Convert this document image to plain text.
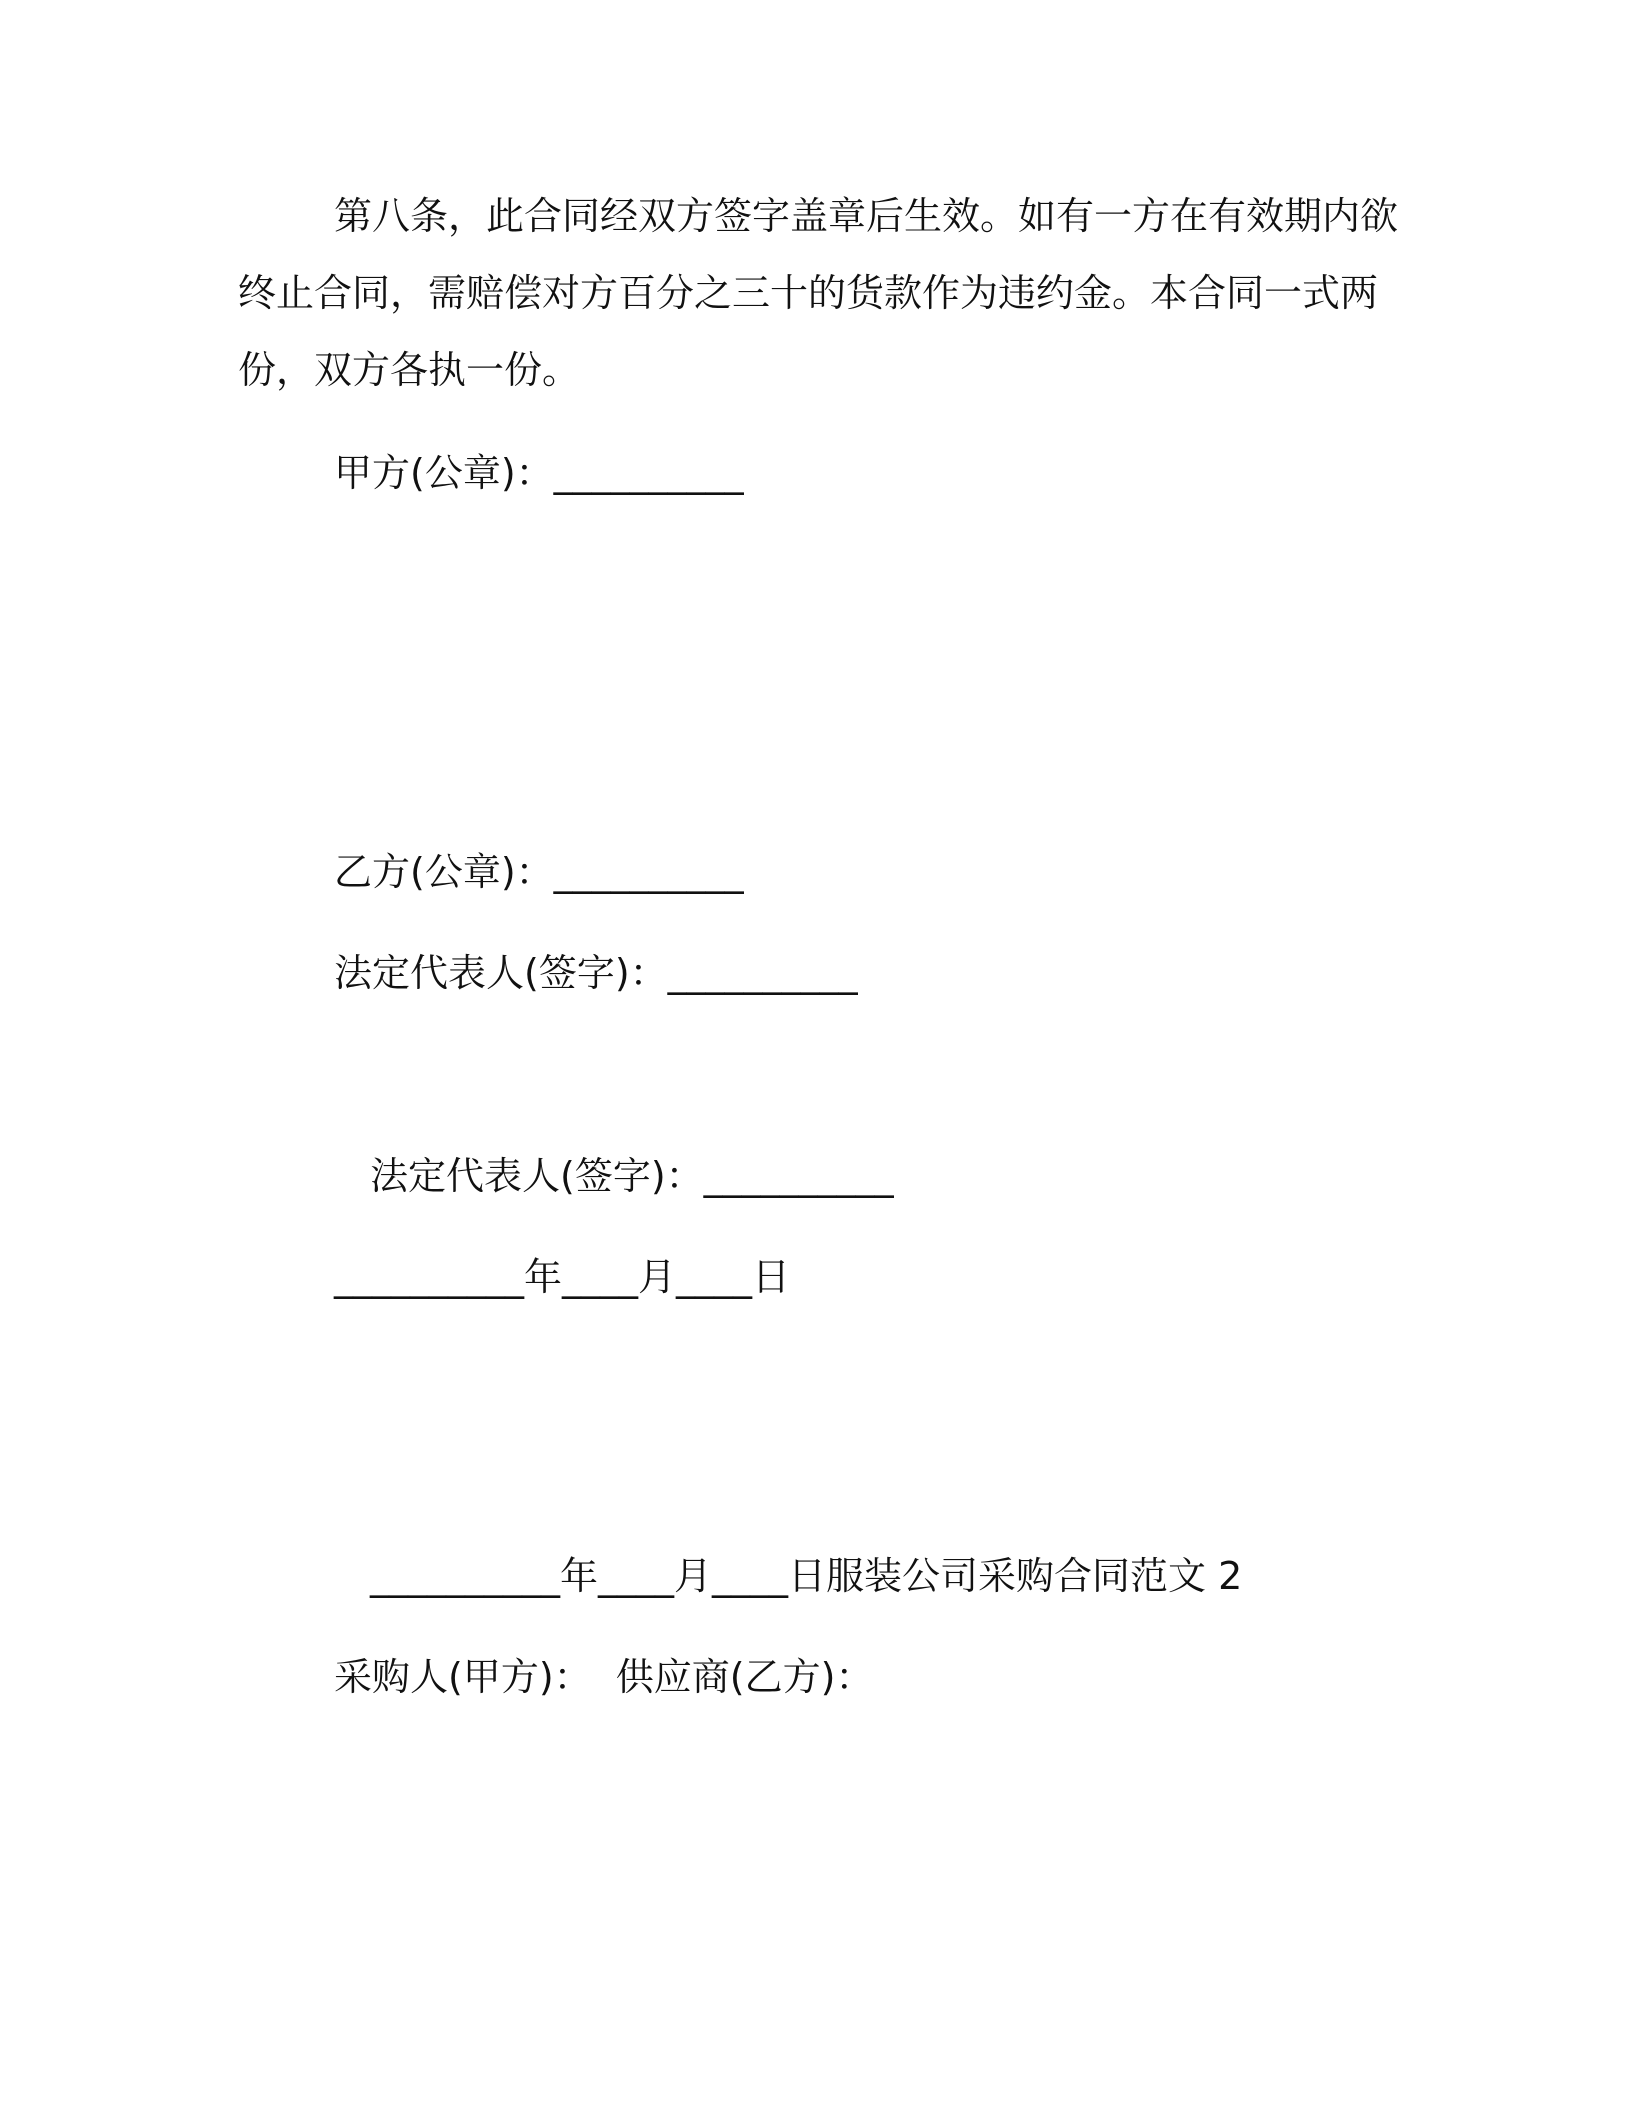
第八条，此合同经双方签字盖章后生效。如有一方在有效期内欲
终止合同，需赔偿对方百分之三十的货款作为违约金。本合同一式两
份，双方各执一份。
甲方(公章)：__________
乙方(公章)：__________
法定代表人(签字)：__________
法定代表人(签字)：__________
__________年____月____日
__________年____月____日服装公司采购合同范文 2
采购人(甲方)：  供应商(乙方)：
